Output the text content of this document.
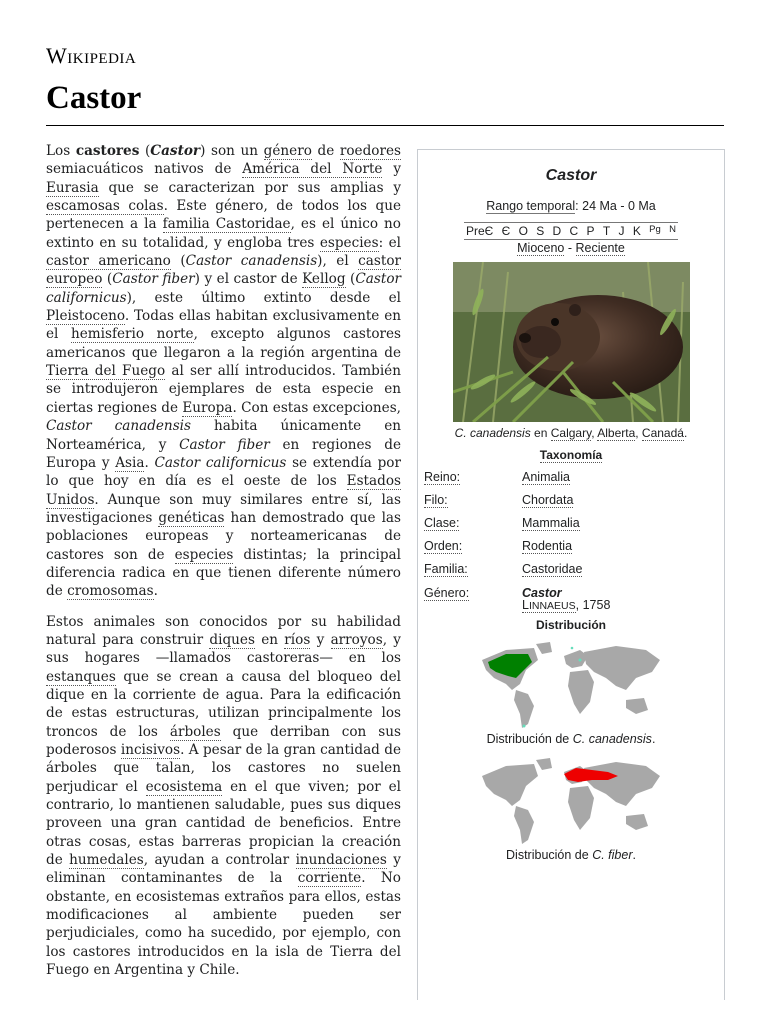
Wikipedia
Castor

Los castores (Castor) son un género de roedores semiacuáticos nativos de América del Norte y Eurasia que se caracterizan por sus amplias y escamosas colas. Este género, de todos los que pertenecen a la familia Castoridae, es el único no extinto en su totalidad, y engloba tres especies: el castor americano (Castor canadensis), el castor europeo (Castor fiber) y el castor de Kellog (Castor californicus), este último extinto desde el Pleistoceno. Todas ellas habitan exclusivamente en el hemisferio norte, excepto algunos castores americanos que llegaron a la región argentina de Tierra del Fuego al ser allí introducidos. También se introdujeron ejemplares de esta especie en ciertas regiones de Europa. Con estas excepciones, Castor canadensis habita únicamente en Norteamérica, y Castor fiber en regiones de Europa y Asia. Castor californicus se extendía por lo que hoy en día es el oeste de los Estados Unidos. Aunque son muy similares entre sí, las investigaciones genéticas han demostrado que las poblaciones europeas y norteamericanas de castores son de especies distintas; la principal diferencia radica en que tienen diferente número de cromosomas.

Estos animales son conocidos por su habilidad natural para construir diques en ríos y arroyos, y sus hogares —llamados castoreras— en los estanques que se crean a causa del bloqueo del dique en la corriente de agua. Para la edificación de estas estructuras, utilizan principalmente los troncos de los árboles que derriban con sus poderosos incisivos. A pesar de la gran cantidad de árboles que talan, los castores no suelen perjudicar el ecosistema en el que viven; por el contrario, lo mantienen saludable, pues sus diques proveen una gran cantidad de beneficios. Entre otras cosas, estas barreras propician la creación de humedales, ayudan a controlar inundaciones y eliminan contaminantes de la corriente. No obstante, en ecosistemas extraños para ellos, estas modificaciones al ambiente pueden ser perjudiciales, como ha sucedido, por ejemplo, con los castores introducidos en la isla de Tierra del Fuego en Argentina y Chile.

Castor
Rango temporal: 24 Ma - 0 Ma
PreЄ Є O S D C P T J K Pg N
Mioceno - Reciente
C. canadensis en Calgary, Alberta, Canadá.
Taxonomía
Reino:	Animalia
Filo:	Chordata
Clase:	Mammalia
Orden:	Rodentia
Familia:	Castoridae
Género:	Castor
LINNAEUS, 1758
Distribución
Distribución de C. canadensis.
Distribución de C. fiber.
